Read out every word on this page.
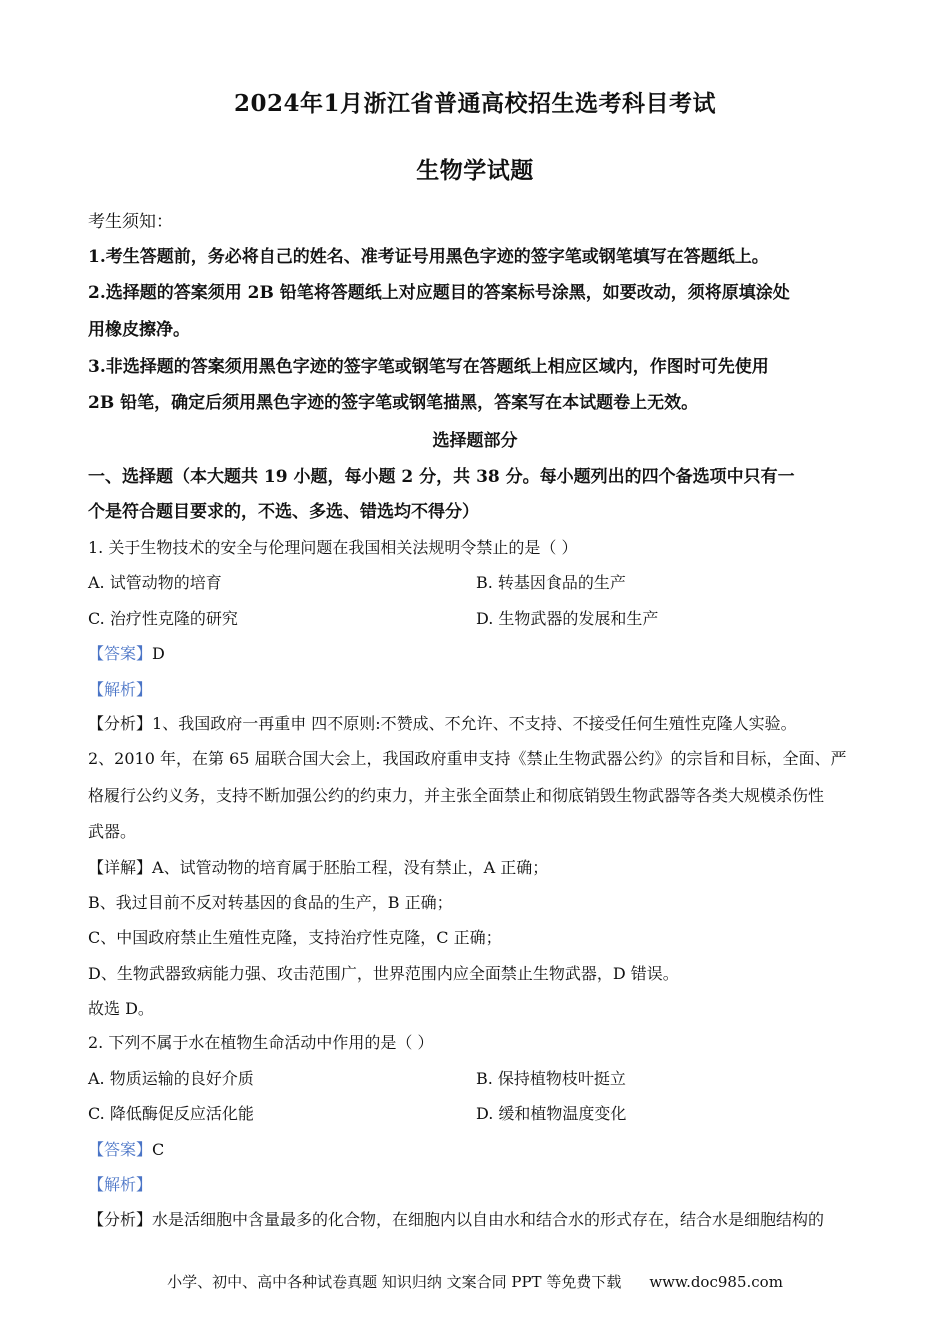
2024年1月浙江省普通高校招生选考科目考试
生物学试题
考生须知：
1.考生答题前，务必将自己的姓名、准考证号用黑色字迹的签字笔或钢笔填写在答题纸上。
2.选择题的答案须用 2B 铅笔将答题纸上对应题目的答案标号涂黑，如要改动，须将原填涂处
用橡皮擦净。
3.非选择题的答案须用黑色字迹的签字笔或钢笔写在答题纸上相应区域内，作图时可先使用
2B 铅笔，确定后须用黑色字迹的签字笔或钢笔描黑，答案写在本试题卷上无效。
选择题部分
一、选择题（本大题共 19 小题，每小题 2 分，共 38 分。每小题列出的四个备选项中只有一
个是符合题目要求的，不选、多选、错选均不得分）
1. 关于生物技术的安全与伦理问题在我国相关法规明令禁止的是（ ）
A. 试管动物的培育	B. 转基因食品的生产
C. 治疗性克隆的研究	D. 生物武器的发展和生产
【答案】D
【解析】
【分析】1、我国政府一再重申 四不原则:不赞成、不允许、不支持、不接受任何生殖性克隆人实验。
2、2010 年，在第 65 届联合国大会上，我国政府重申支持《禁止生物武器公约》的宗旨和目标，全面、严
格履行公约义务，支持不断加强公约的约束力，并主张全面禁止和彻底销毁生物武器等各类大规模杀伤性
武器。
【详解】A、试管动物的培育属于胚胎工程，没有禁止，A 正确；
B、我过目前不反对转基因的食品的生产，B 正确；
C、中国政府禁止生殖性克隆，支持治疗性克隆，C 正确；
D、生物武器致病能力强、攻击范围广，世界范围内应全面禁止生物武器，D 错误。
故选 D。
2. 下列不属于水在植物生命活动中作用的是（ ）
A. 物质运输的良好介质	B. 保持植物枝叶挺立
C. 降低酶促反应活化能	D. 缓和植物温度变化
【答案】C
【解析】
【分析】水是活细胞中含量最多的化合物，在细胞内以自由水和结合水的形式存在，结合水是细胞结构的
小学、初中、高中各种试卷真题 知识归纳 文案合同 PPT 等免费下载 www.doc985.com
